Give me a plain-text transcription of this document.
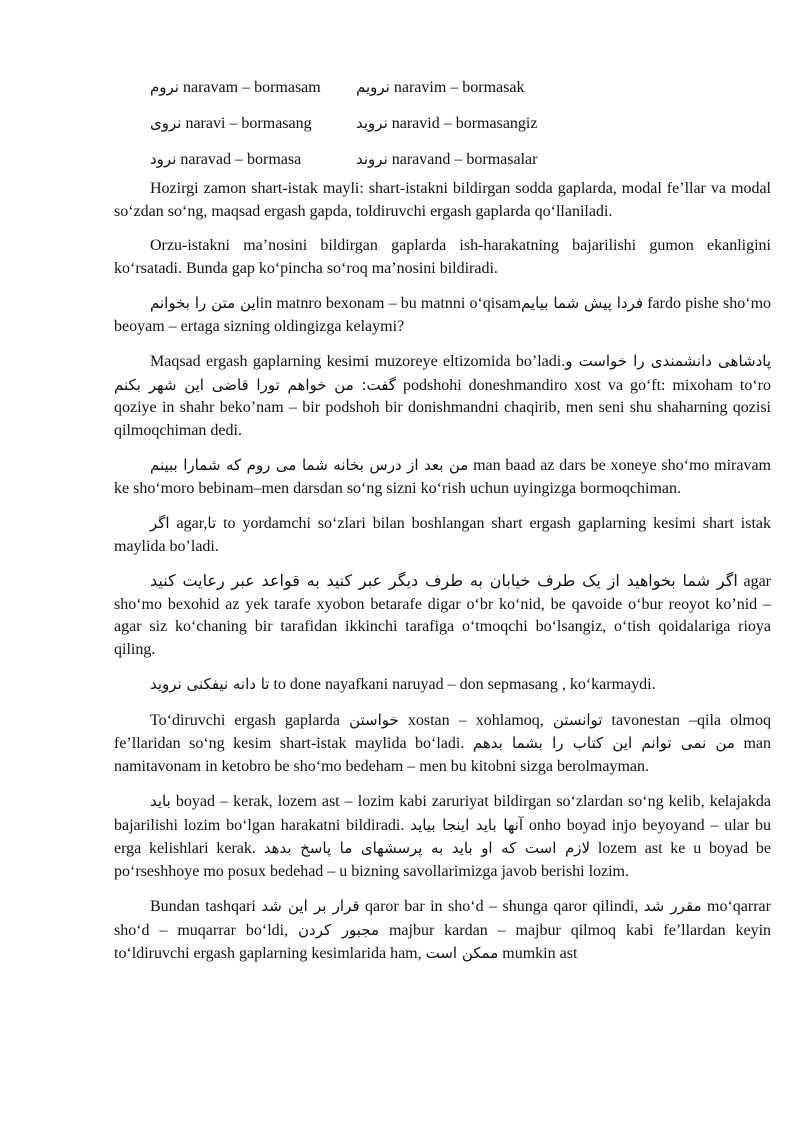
نروم naravam – bormasam	نرویم naravim – bormasak
نروی naravi – bormasang	نروید naravid – bormasangiz
نرود naravad – bormasa	نروند naravand – bormasalar

Hozirgi zamon shart-istak mayli: shart-istakni bildirgan sodda gaplarda, modal fe’llar va modal so‘zdan so‘ng, maqsad ergash gapda, toldiruvchi ergash gaplarda qo‘llaniladi.

Orzu-istakni ma’nosini bildirgan gaplarda ish-harakatning bajarilishi gumon ekanligini ko‘rsatadi. Bunda gap ko‘pincha so‘roq ma’nosini bildiradi.

این متن را بخوانمin matnro bexonam – bu matnni o‘qisamفردا پیش شما بیایم fardo pishe sho‘mo beoyam – ertaga sizning oldingizga kelaymi?

Maqsad ergash gaplarning kesimi muzoreye eltizomida bo’ladi.پادشاهی دانشمندی را خواست و گفت: من خواهم تورا قاضی این شهر بکنم podshohi doneshmandiro xost va go‘ft: mixoham to‘ro qoziye in shahr beko’nam – bir podshoh bir donishmandni chaqirib, men seni shu shaharning qozisi qilmoqchiman dedi.

من بعد از درس بخانه شما می روم که شمارا ببینم man baad az dars be xoneye sho‘mo miravam ke sho‘moro bebinam–men darsdan so‘ng sizni ko‘rish uchun uyingizga bormoqchiman.

اگر agar,تا to yordamchi so‘zlari bilan boshlangan shart ergash gaplarning kesimi shart istak maylida bo’ladi.

اگر شما بخواهید از یک طرف خیابان به طرف دیگر عبر کنید به قواعد عبر رعایت کنید agar sho‘mo bexohid az yek tarafe xyobon betarafe digar o‘br ko‘nid, be qavoide o‘bur reoyot ko’nid – agar siz ko‘chaning bir tarafidan ikkinchi tarafiga o‘tmoqchi bo‘lsangiz, o‘tish qoidalariga rioya qiling.

تا دانه نیفکنی نروید to done nayafkani naruyad – don sepmasang , ko‘karmaydi.

To‘diruvchi ergash gaplarda خواستن xostan – xohlamoq, توانستن tavonestan –qila olmoq fe’llaridan so‘ng kesim shart-istak maylida bo‘ladi. من نمی توانم این کتاب را بشما بدهم man namitavonam in ketobro be sho‘mo bedeham – men bu kitobni sizga berolmayman.

باید boyad – kerak, lozem ast – lozim kabi zaruriyat bildirgan so‘zlardan so‘ng kelib, kelajakda bajarilishi lozim bo‘lgan harakatni bildiradi. آنها باید اینجا بیاید onho boyad injo beyoyand – ular bu erga kelishlari kerak. لازم است که او باید به پرسشهای ما پاسخ بدهد lozem ast ke u boyad be po‘rseshhoye mo posux bedehad – u bizning savollarimizga javob berishi lozim.

Bundan tashqari قرار بر این شد qaror bar in sho‘d – shunga qaror qilindi, مقرر شد mo‘qarrar sho‘d – muqarrar bo‘ldi, مجبور کردن majbur kardan – majbur qilmoq kabi fe’llardan keyin to‘ldiruvchi ergash gaplarning kesimlarida ham, ممکن است mumkin ast
